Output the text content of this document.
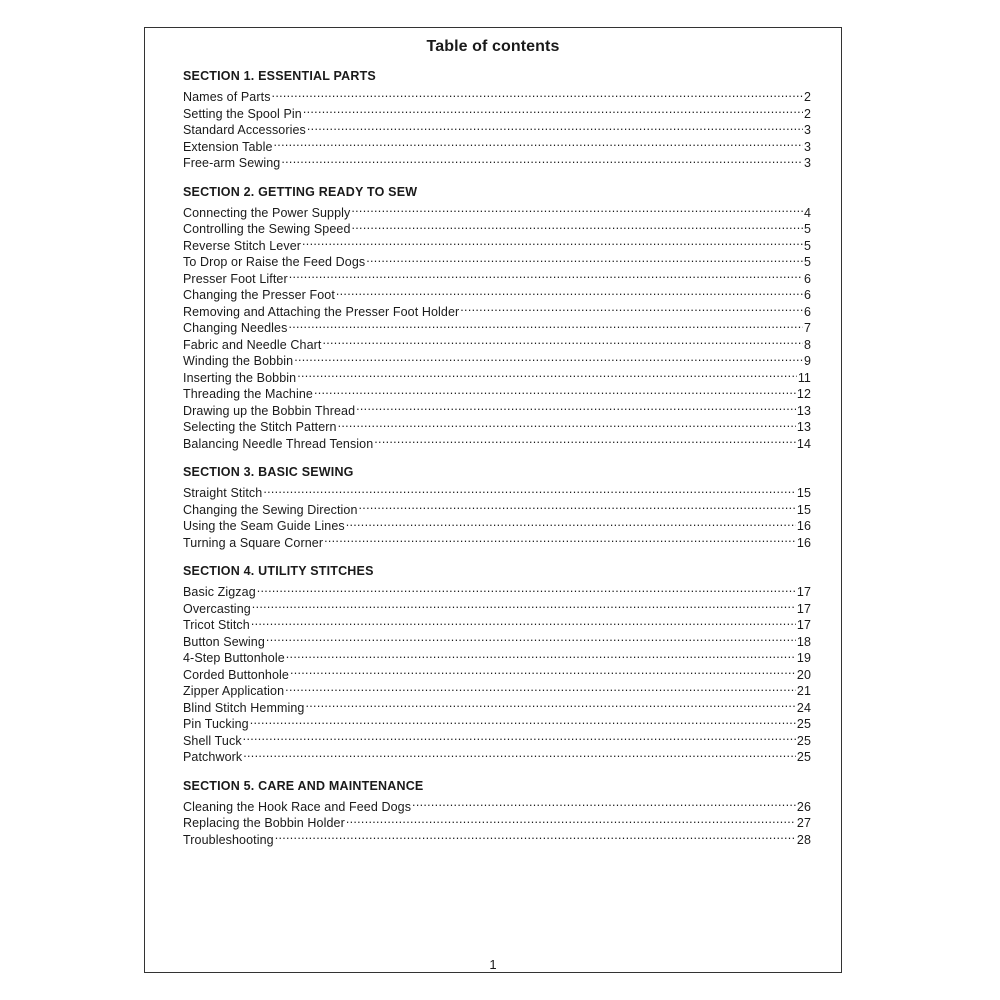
Table of contents
SECTION 1. ESSENTIAL PARTS
Names of Parts .....	2
Setting the Spool Pin .....	2
Standard Accessories .....	3
Extension Table .....	3
Free-arm Sewing .....	3
SECTION 2. GETTING READY TO SEW
Connecting the Power Supply .....	4
Controlling the Sewing Speed .....	5
Reverse Stitch Lever .....	5
To Drop or Raise the Feed Dogs .....	5
Presser Foot Lifter .....	6
Changing the Presser Foot .....	6
Removing and Attaching the Presser Foot Holder .....	6
Changing Needles .....	7
Fabric and Needle Chart .....	8
Winding the Bobbin .....	9
Inserting the Bobbin .....	11
Threading the Machine .....	12
Drawing up the Bobbin Thread .....	13
Selecting the Stitch Pattern .....	13
Balancing Needle Thread Tension .....	14
SECTION 3. BASIC SEWING
Straight Stitch .....	15
Changing the Sewing Direction .....	15
Using the Seam Guide Lines .....	16
Turning a Square Corner .....	16
SECTION 4. UTILITY STITCHES
Basic Zigzag .....	17
Overcasting .....	17
Tricot Stitch .....	17
Button Sewing .....	18
4-Step Buttonhole .....	19
Corded Buttonhole .....	20
Zipper Application .....	21
Blind Stitch Hemming .....	24
Pin Tucking .....	25
Shell Tuck .....	25
Patchwork .....	25
SECTION 5. CARE AND MAINTENANCE
Cleaning the Hook Race and Feed Dogs .....	26
Replacing the Bobbin Holder .....	27
Troubleshooting .....	28
1
